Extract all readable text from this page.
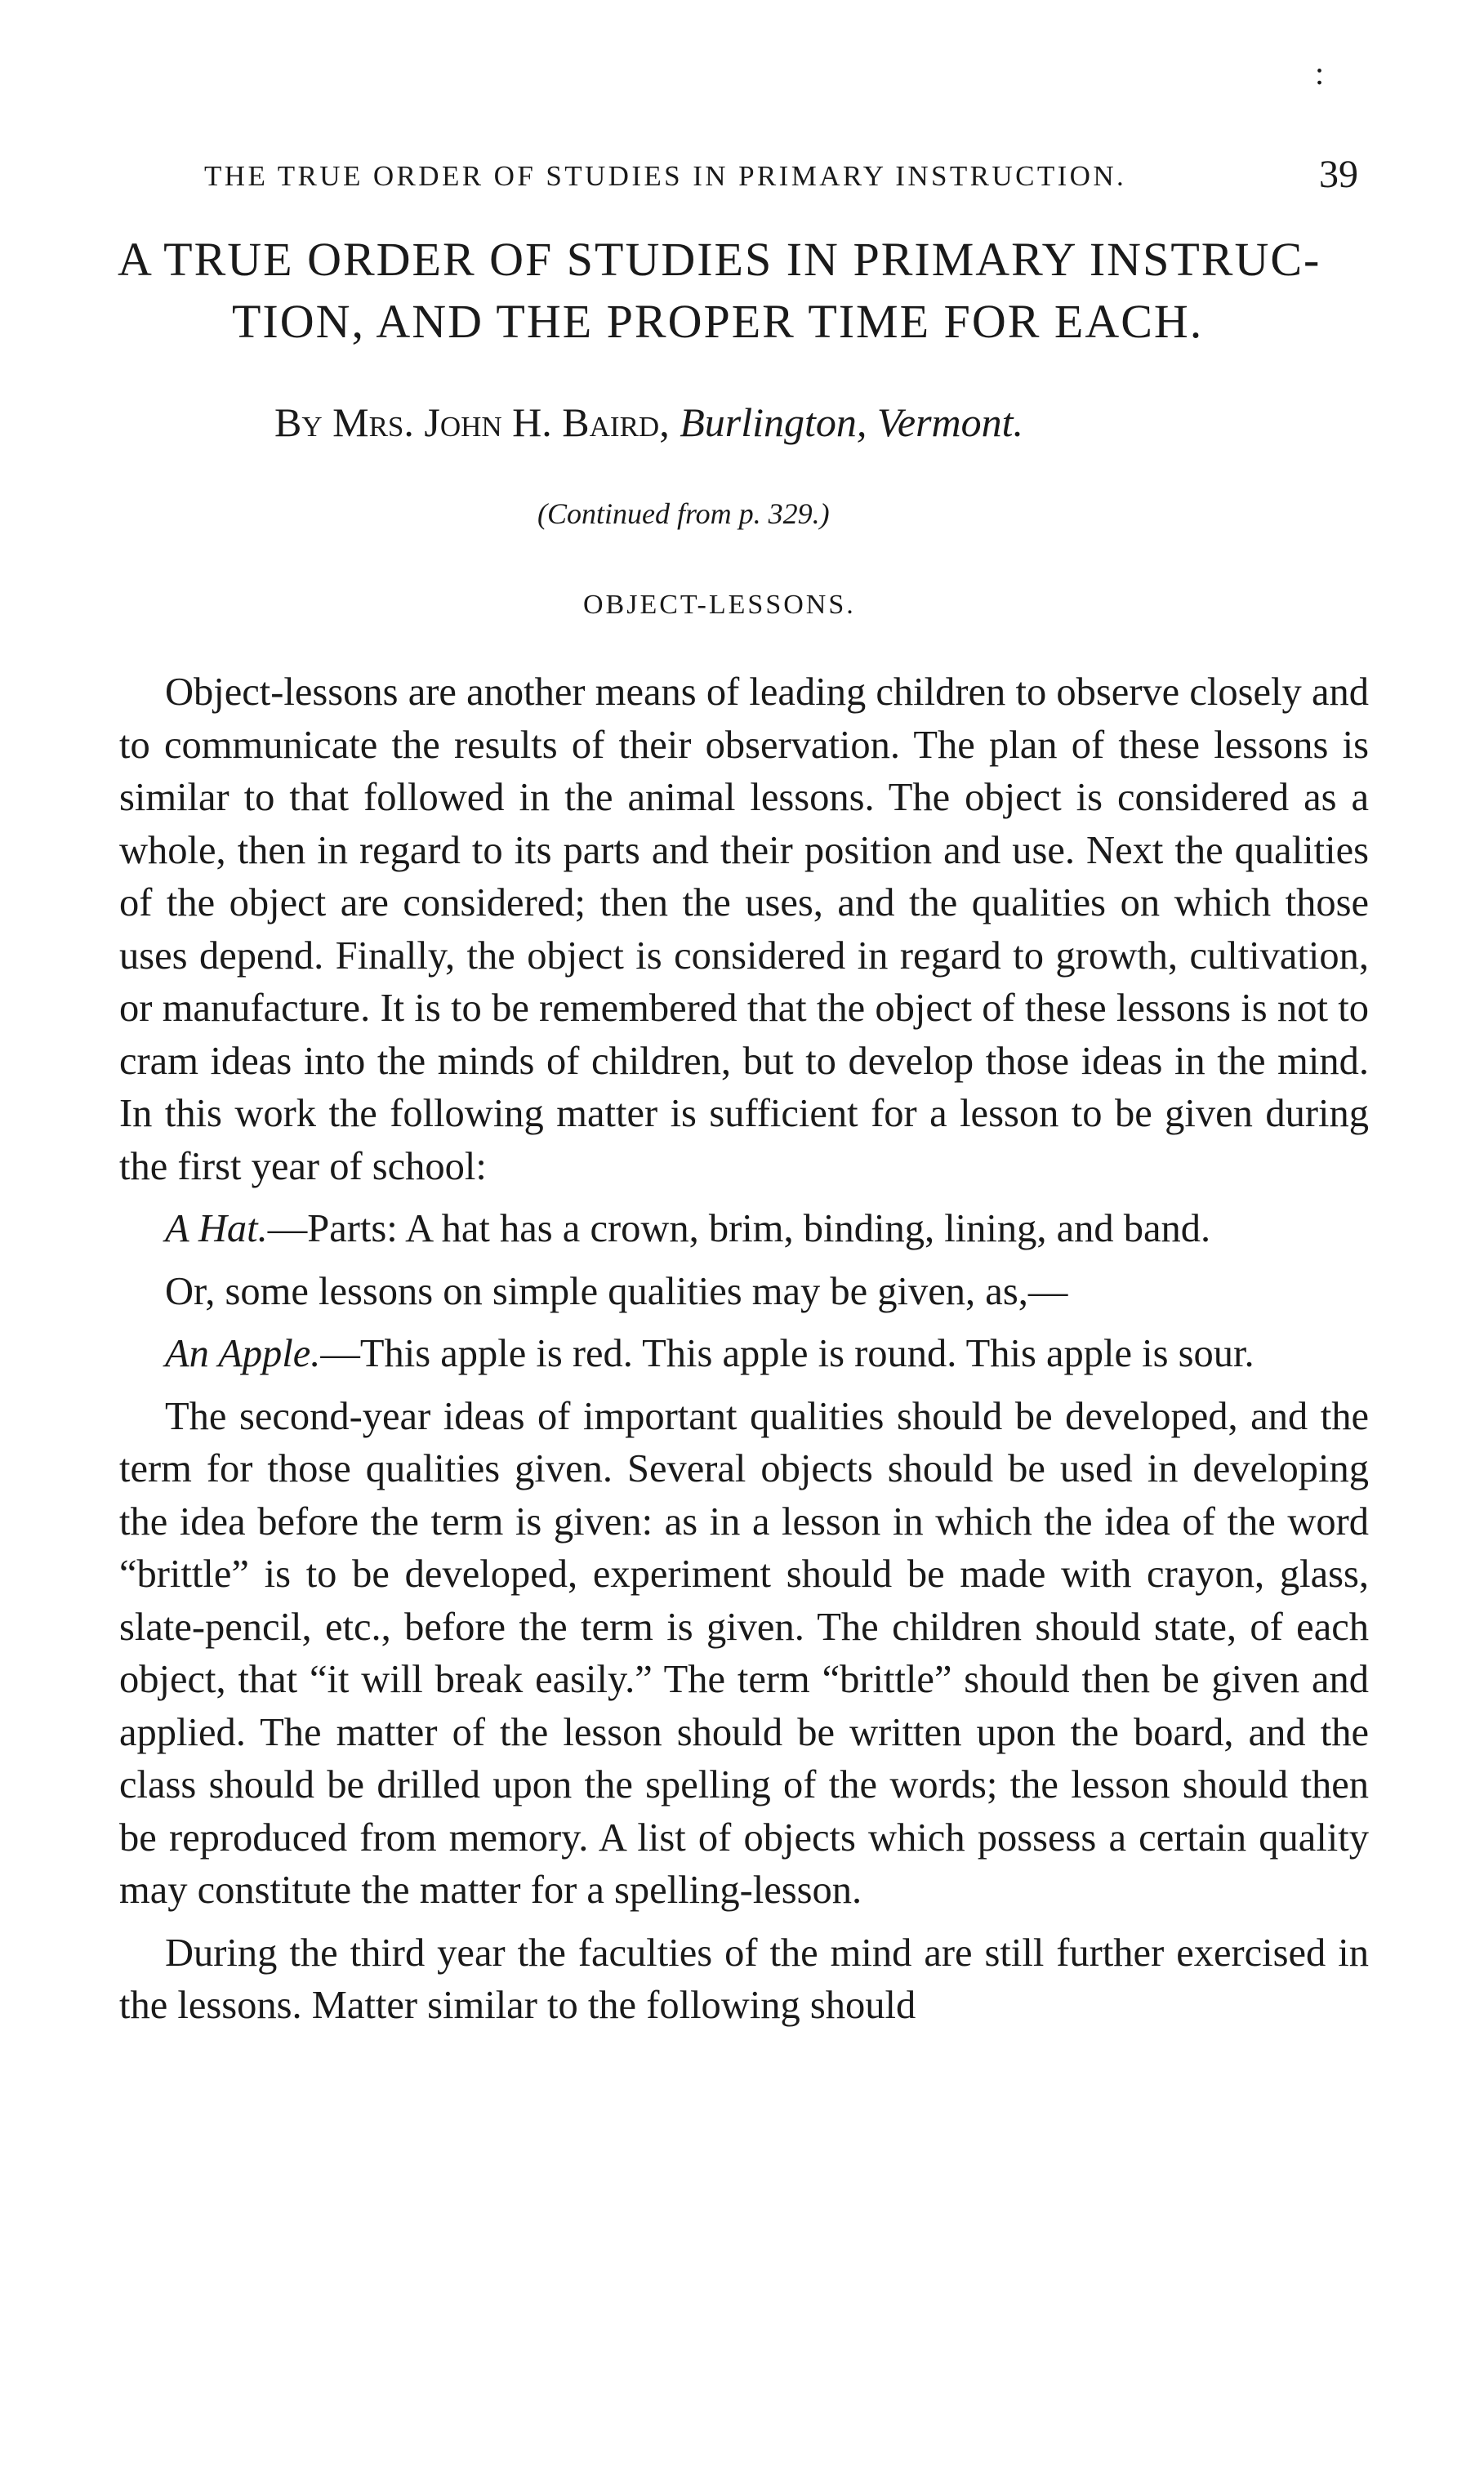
:
THE TRUE ORDER OF STUDIES IN PRIMARY INSTRUCTION.	39
A TRUE ORDER OF STUDIES IN PRIMARY INSTRUC-
TION, AND THE PROPER TIME FOR EACH.
By Mrs. John H. Baird, Burlington, Vermont.
(Continued from p. 329.)
OBJECT-LESSONS.

Object-lessons are another means of leading children to observe closely and to communicate the results of their observation. The plan of these lessons is similar to that followed in the animal lessons. The object is considered as a whole, then in regard to its parts and their position and use. Next the qualities of the object are considered; then the uses, and the qualities on which those uses depend. Finally, the object is considered in regard to growth, cultivation, or manufacture. It is to be remembered that the object of these lessons is not to cram ideas into the minds of children, but to develop those ideas in the mind. In this work the following matter is sufficient for a lesson to be given during the first year of school:

A Hat.—Parts: A hat has a crown, brim, binding, lining, and band.

Or, some lessons on simple qualities may be given, as,—

An Apple.—This apple is red. This apple is round. This apple is sour.

The second-year ideas of important qualities should be developed, and the term for those qualities given. Several objects should be used in developing the idea before the term is given: as in a lesson in which the idea of the word “brittle” is to be developed, experiment should be made with crayon, glass, slate-pencil, etc., before the term is given. The children should state, of each object, that “it will break easily.” The term “brittle” should then be given and applied. The matter of the lesson should be written upon the board, and the class should be drilled upon the spelling of the words; the lesson should then be reproduced from memory. A list of objects which possess a certain quality may constitute the matter for a spelling-lesson.

During the third year the faculties of the mind are still further exercised in the lessons. Matter similar to the following should
